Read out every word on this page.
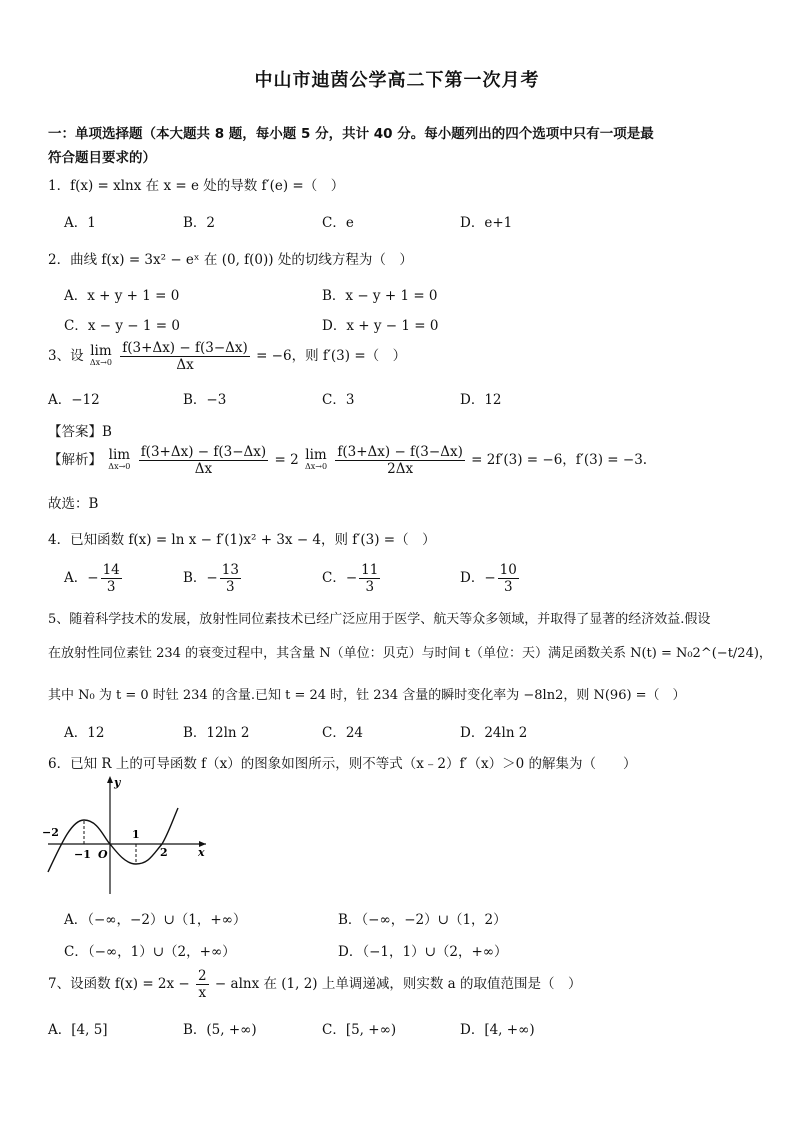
中山市迪茵公学高二下第一次月考
一：单项选择题（本大题共 8 题，每小题 5 分，共计 40 分。每小题列出的四个选项中只有一项是最
符合题目要求的）
1．f(x) = xlnx 在 x = e 处的导数 f′(e) =（　）
A．1	B．2	C．e	D．e+1
2．曲线 f(x) = 3x² − eˣ 在 (0, f(0)) 处的切线方程为（　）
A．x + y + 1 = 0	B．x − y + 1 = 0
C．x − y − 1 = 0	D．x + y − 1 = 0
3、设 lim
Δx→0
$\frac{f(3+\Delta x) - f(3-\Delta x)}{\Delta x} = -6$，则 f′(3) =（　）
A．−12	B．−3	C．3	D．12
【答案】B
【解析】 lim
Δx→0
$\frac{f(3+\Delta x) - f(3-\Delta x)}{\Delta x} = 2$ lim
Δx→0
$\frac{f(3+\Delta x) - f(3-\Delta x)}{2\Delta x} = 2f'(3) = -6$，f′(3) = −3.
故选：B
4．已知函数 f(x) = ln x − f′(1)x² + 3x − 4，则 f′(3) =（　）
A．− $\frac{14}{3}$	B．− $\frac{13}{3}$	C．− $\frac{11}{3}$	D．− $\frac{10}{3}$
5、随着科学技术的发展，放射性同位素技术已经广泛应用于医学、航天等众多领域，并取得了显著的经济效益.假设
在放射性同位素钍 234 的衰变过程中，其含量 N（单位：贝克）与时间 t（单位：天）满足函数关系 N(t) = N₀2^(−t/24)，
其中 N₀ 为 t = 0 时钍 234 的含量.已知 t = 24 时，钍 234 含量的瞬时变化率为 −8ln2，则 N(96) =（　）
A．12	B．12ln 2	C．24	D．24ln 2
6．已知 R 上的可导函数 f（x）的图象如图所示，则不等式（x﹣2）f′（x）＞0 的解集为（　　）
y
x
O
−2
−1
1
2
A．（−∞，−2）∪（1，+∞）	B．（−∞，−2）∪（1，2）
C．（−∞，1）∪（2，+∞）	D．（−1，1）∪（2，+∞）
7、设函数 $f(x) = 2x - \frac{2}{x} - alnx$ 在 (1, 2) 上单调递减，则实数 a 的取值范围是（　）
A．[4, 5]	B．(5, +∞)	C．[5, +∞)	D．[4, +∞)
